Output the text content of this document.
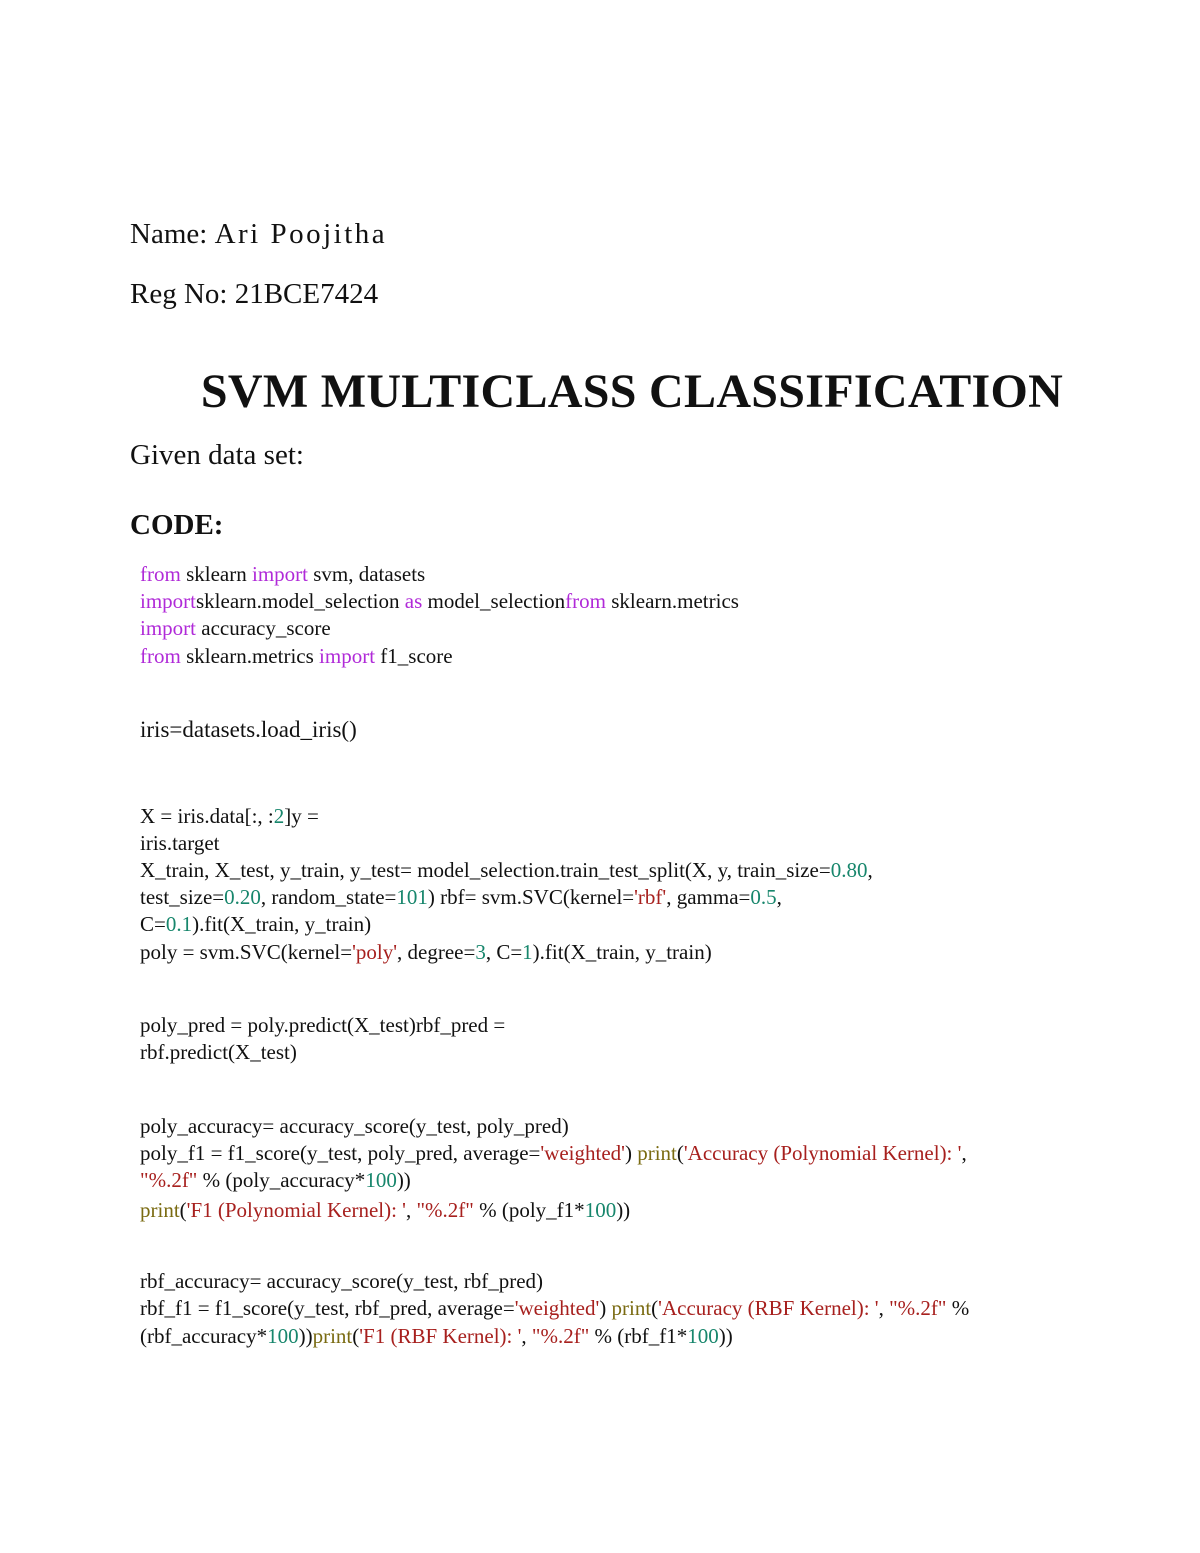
Name: Ari Poojitha
Reg No: 21BCE7424
SVM MULTICLASS CLASSIFICATION
Given data set:
CODE:
from sklearn import svm, datasets
importsklearn.model_selection as model_selectionfrom sklearn.metrics
import accuracy_score
from sklearn.metrics import f1_score
iris=datasets.load_iris()
X = iris.data[:, :2]y =
iris.target
X_train, X_test, y_train, y_test= model_selection.train_test_split(X, y, train_size=0.80,
test_size=0.20, random_state=101) rbf= svm.SVC(kernel='rbf', gamma=0.5,
C=0.1).fit(X_train, y_train)
poly = svm.SVC(kernel='poly', degree=3, C=1).fit(X_train, y_train)
poly_pred = poly.predict(X_test)rbf_pred =
rbf.predict(X_test)
poly_accuracy= accuracy_score(y_test, poly_pred)
poly_f1 = f1_score(y_test, poly_pred, average='weighted') print('Accuracy (Polynomial Kernel): ',
"%.2f" % (poly_accuracy*100))
print('F1 (Polynomial Kernel): ', "%.2f" % (poly_f1*100))
rbf_accuracy= accuracy_score(y_test, rbf_pred)
rbf_f1 = f1_score(y_test, rbf_pred, average='weighted') print('Accuracy (RBF Kernel): ', "%.2f" %
(rbf_accuracy*100))print('F1 (RBF Kernel): ', "%.2f" % (rbf_f1*100))
